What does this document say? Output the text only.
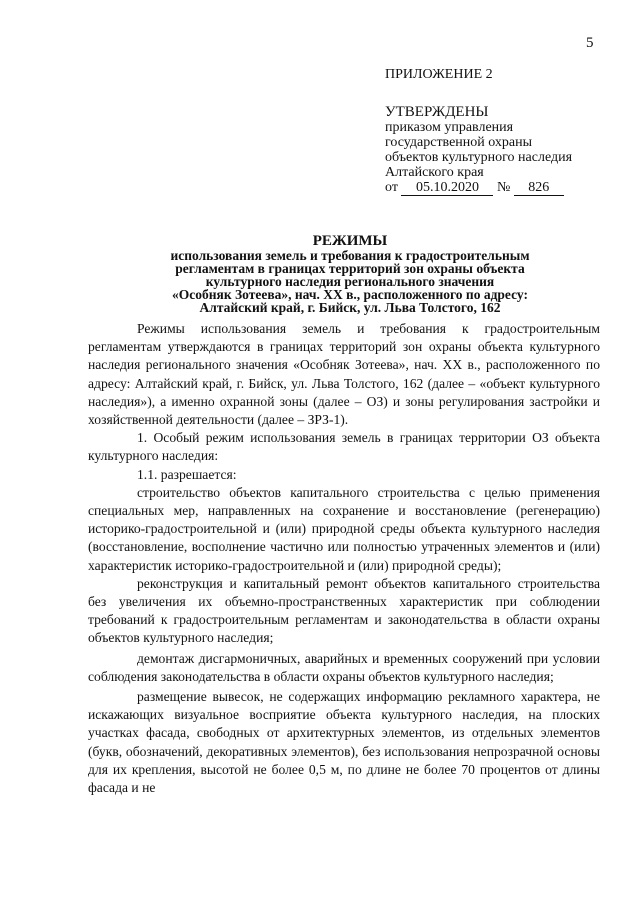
5
ПРИЛОЖЕНИЕ 2
УТВЕРЖДЕНЫ
приказом управления
государственной охраны
объектов культурного наследия
Алтайского края
от 05.10.2020 № 826
РЕЖИМЫ
использования земель и требования к градостроительным
регламентам в границах территорий зон охраны объекта
культурного наследия регионального значения
«Особняк Зотеева», нач. XX в., расположенного по адресу:
Алтайский край, г. Бийск, ул. Льва Толстого, 162

Режимы использования земель и требования к градостроительным регламентам утверждаются в границах территорий зон охраны объекта культурного наследия регионального значения «Особняк Зотеева», нач. XX в., расположенного по адресу: Алтайский край, г. Бийск, ул. Льва Толстого, 162 (далее – «объект культурного наследия»), а именно охранной зоны (далее – ОЗ) и зоны регулирования застройки и хозяйственной деятельности (далее – ЗРЗ-1).

1. Особый режим использования земель в границах территории ОЗ объекта культурного наследия:

1.1. разрешается:

строительство объектов капитального строительства с целью применения специальных мер, направленных на сохранение и восстановление (регенерацию) историко-градостроительной и (или) природной среды объекта культурного наследия (восстановление, восполнение частично или полностью утраченных элементов и (или) характеристик историко-градостроительной и (или) природной среды);

реконструкция и капитальный ремонт объектов капитального строительства без увеличения их объемно-пространственных характеристик при соблюдении требований к градостроительным регламентам и законодательства в области охраны объектов культурного наследия;

демонтаж дисгармоничных, аварийных и временных сооружений при условии соблюдения законодательства в области охраны объектов культурного наследия;

размещение вывесок, не содержащих информацию рекламного характера, не искажающих визуальное восприятие объекта культурного наследия, на плоских участках фасада, свободных от архитектурных элементов, из отдельных элементов (букв, обозначений, декоративных элементов), без использования непрозрачной основы для их крепления, высотой не более 0,5 м, по длине не более 70 процентов от длины фасада и не
